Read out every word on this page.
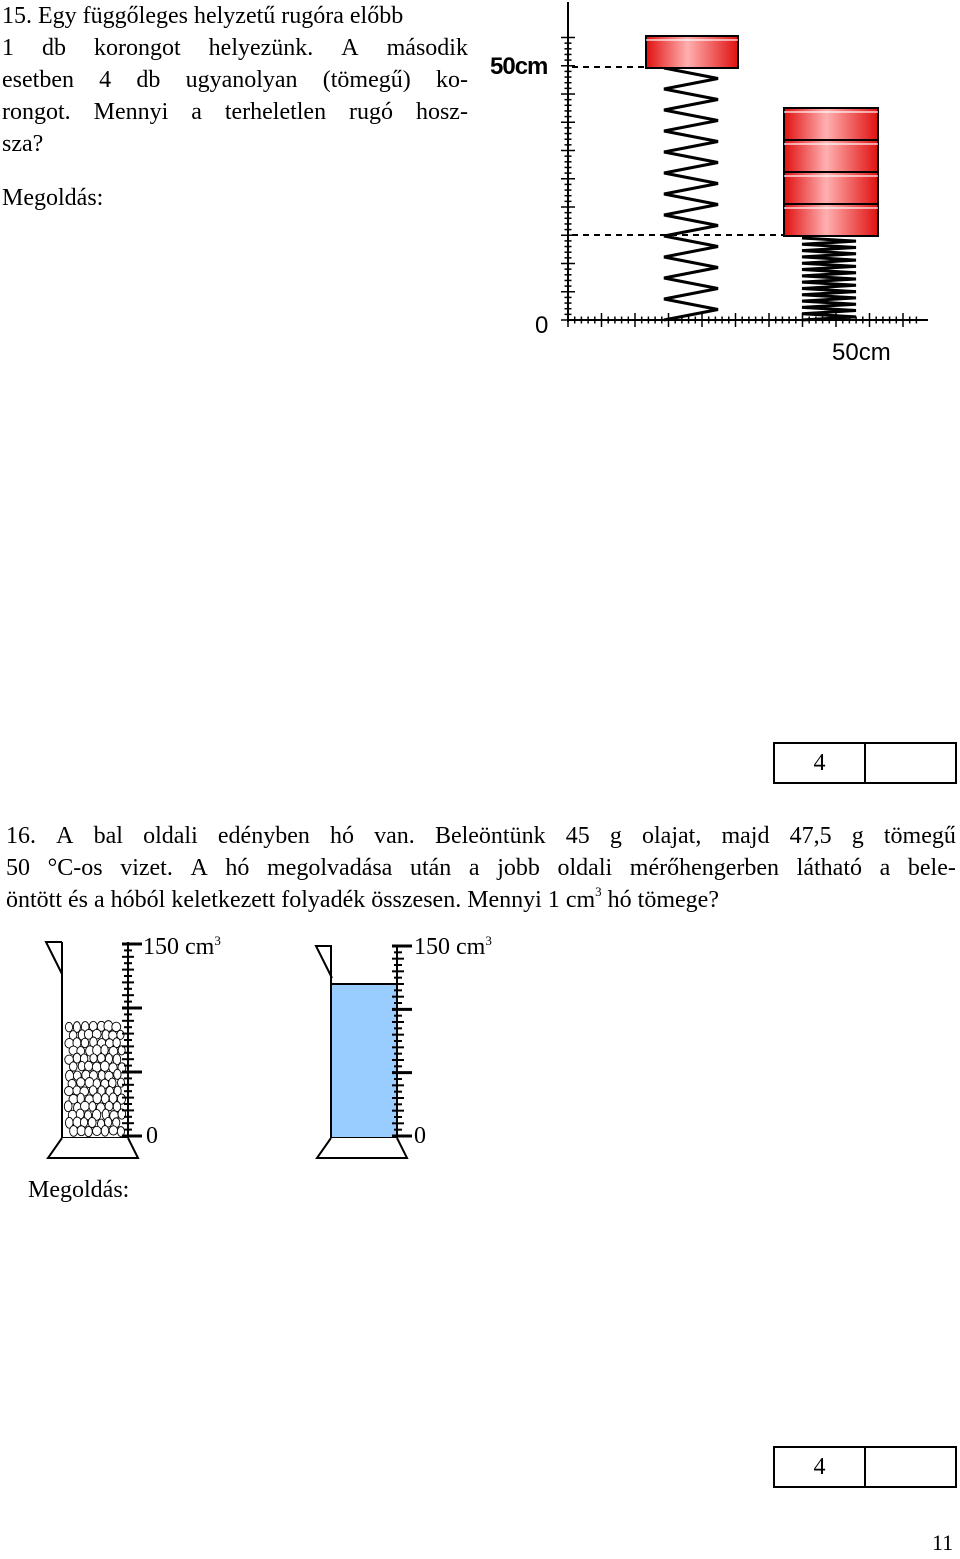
15. Egy függőleges helyzetű rugóra előbb
1 db korongot helyezünk. A második
esetben 4 db ugyanolyan (tömegű) ko-
rongot. Mennyi a terheletlen rugó hosz-
sza?
Megoldás:
50cm
0
50cm
4
16. A bal oldali edényben hó van. Beleöntünk 45 g olajat, majd 47,5 g tömegű
50 °C-os vizet. A hó megolvadása után a jobb oldali mérőhengerben látható a bele-
öntött és a hóból keletkezett folyadék összesen. Mennyi 1 $cm^3$ hó tömege?
150 $cm^3$
0
150 $cm^3$
0
Megoldás:
4
11
